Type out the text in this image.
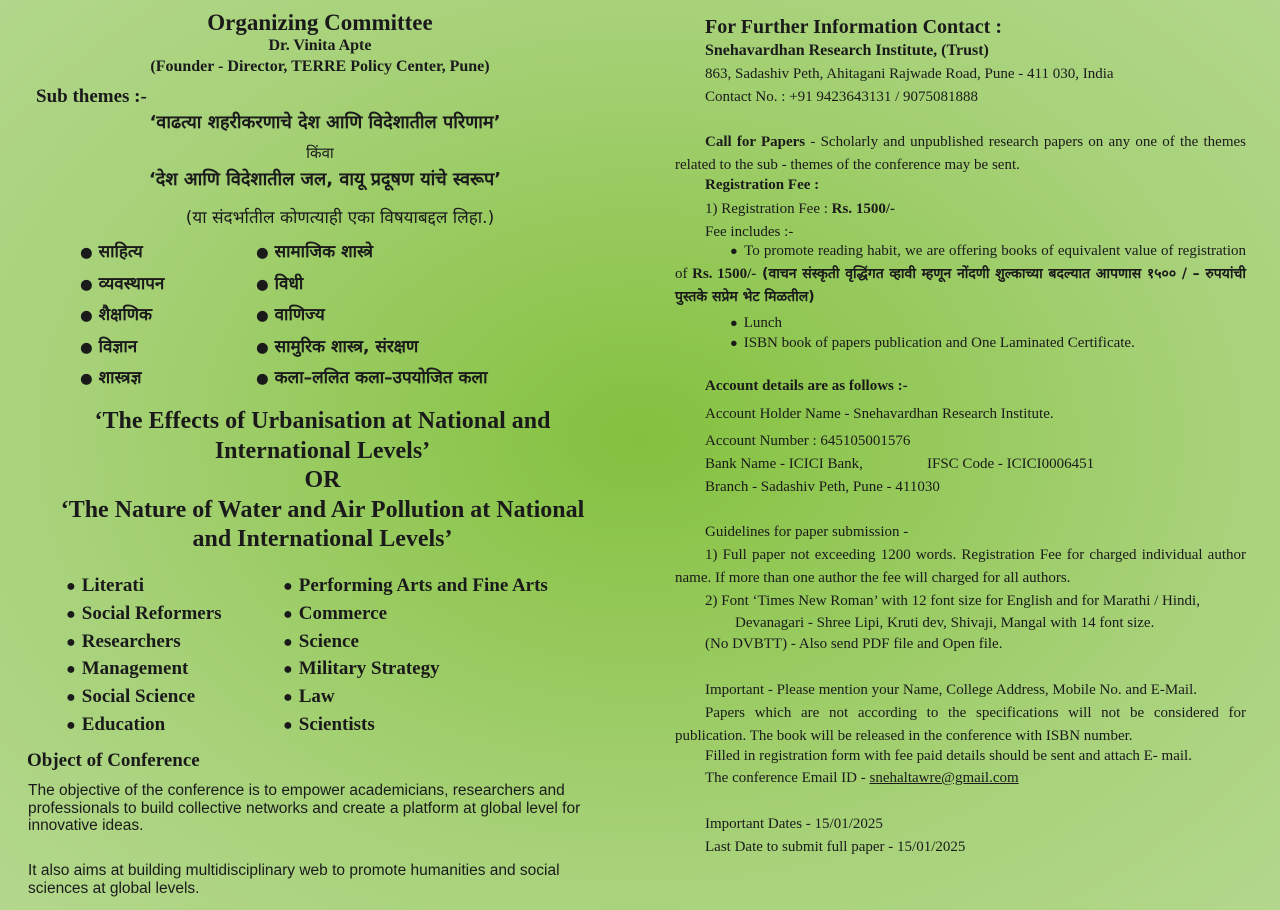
Organizing Committee
Dr. Vinita Apte
(Founder - Director, TERRE Policy Center, Pune)
Sub themes :-
‘वाढत्या शहरीकरणाचे देश आणि विदेशातील परिणाम’
किंवा
‘देश आणि विदेशातील जल, वायू प्रदूषण यांचे स्वरूप’
(या संदर्भातील कोणत्याही एका विषयाबद्दल लिहा.)
● साहित्य
● व्यवस्थापन
● शैक्षणिक
● विज्ञान
● शास्त्रज्ञ
● सामाजिक शास्त्रे
● विधी
● वाणिज्य
● सामुरिक शास्त्र, संरक्षण
● कला–ललित कला–उपयोजित कला
‘The Effects of Urbanisation at National and
International Levels’
OR
‘The Nature of Water and Air Pollution at National
and International Levels’
● Literati
● Social Reformers
● Researchers
● Management
● Social Science
● Education
● Performing Arts and Fine Arts
● Commerce
● Science
● Military Strategy
● Law
● Scientists
Object of Conference
The objective of the conference is to empower academicians, researchers and professionals to build collective networks and create a platform at global level for innovative ideas.
It also aims at building multidisciplinary web to promote humanities and social sciences at global levels.
For Further Information Contact :
Snehavardhan Research Institute, (Trust)
863, Sadashiv Peth, Ahitagani Rajwade Road, Pune - 411 030, India
Contact No. : +91 9423643131 / 9075081888
Call for Papers - Scholarly and unpublished research papers on any one of the themes related to the sub - themes of the conference may be sent.
Registration Fee :
1) Registration Fee : Rs. 1500/-
Fee includes :-
● To promote reading habit, we are offering books of equivalent value of registration of Rs. 1500/- (वाचन संस्कृती वृद्धिंगत व्हावी म्हणून नोंदणी शुल्काच्या बदल्यात आपणास १५०० / – रुपयांची पुस्तके सप्रेम भेट मिळतील)
● Lunch
● ISBN book of papers publication and One Laminated Certificate.
Account details are as follows :-
Account Holder Name - Snehavardhan Research Institute.
Account Number : 645105001576
Bank Name - ICICI Bank,	IFSC Code - ICICI0006451
Branch - Sadashiv Peth, Pune - 411030
Guidelines for paper submission -
1) Full paper not exceeding 1200 words. Registration Fee for charged individual author name. If more than one author the fee will charged for all authors.
2) Font ‘Times New Roman’ with 12 font size for English and for Marathi / Hindi,
Devanagari - Shree Lipi, Kruti dev, Shivaji, Mangal with 14 font size.
(No DVBTT) - Also send PDF file and Open file.
Important - Please mention your Name, College Address, Mobile No. and E-Mail.
Papers which are not according to the specifications will not be considered for publication. The book will be released in the conference with ISBN number.
Filled in registration form with fee paid details should be sent and attach E- mail.
The conference Email ID - snehaltawre@gmail.com
Important Dates - 15/01/2025
Last Date to submit full paper - 15/01/2025
